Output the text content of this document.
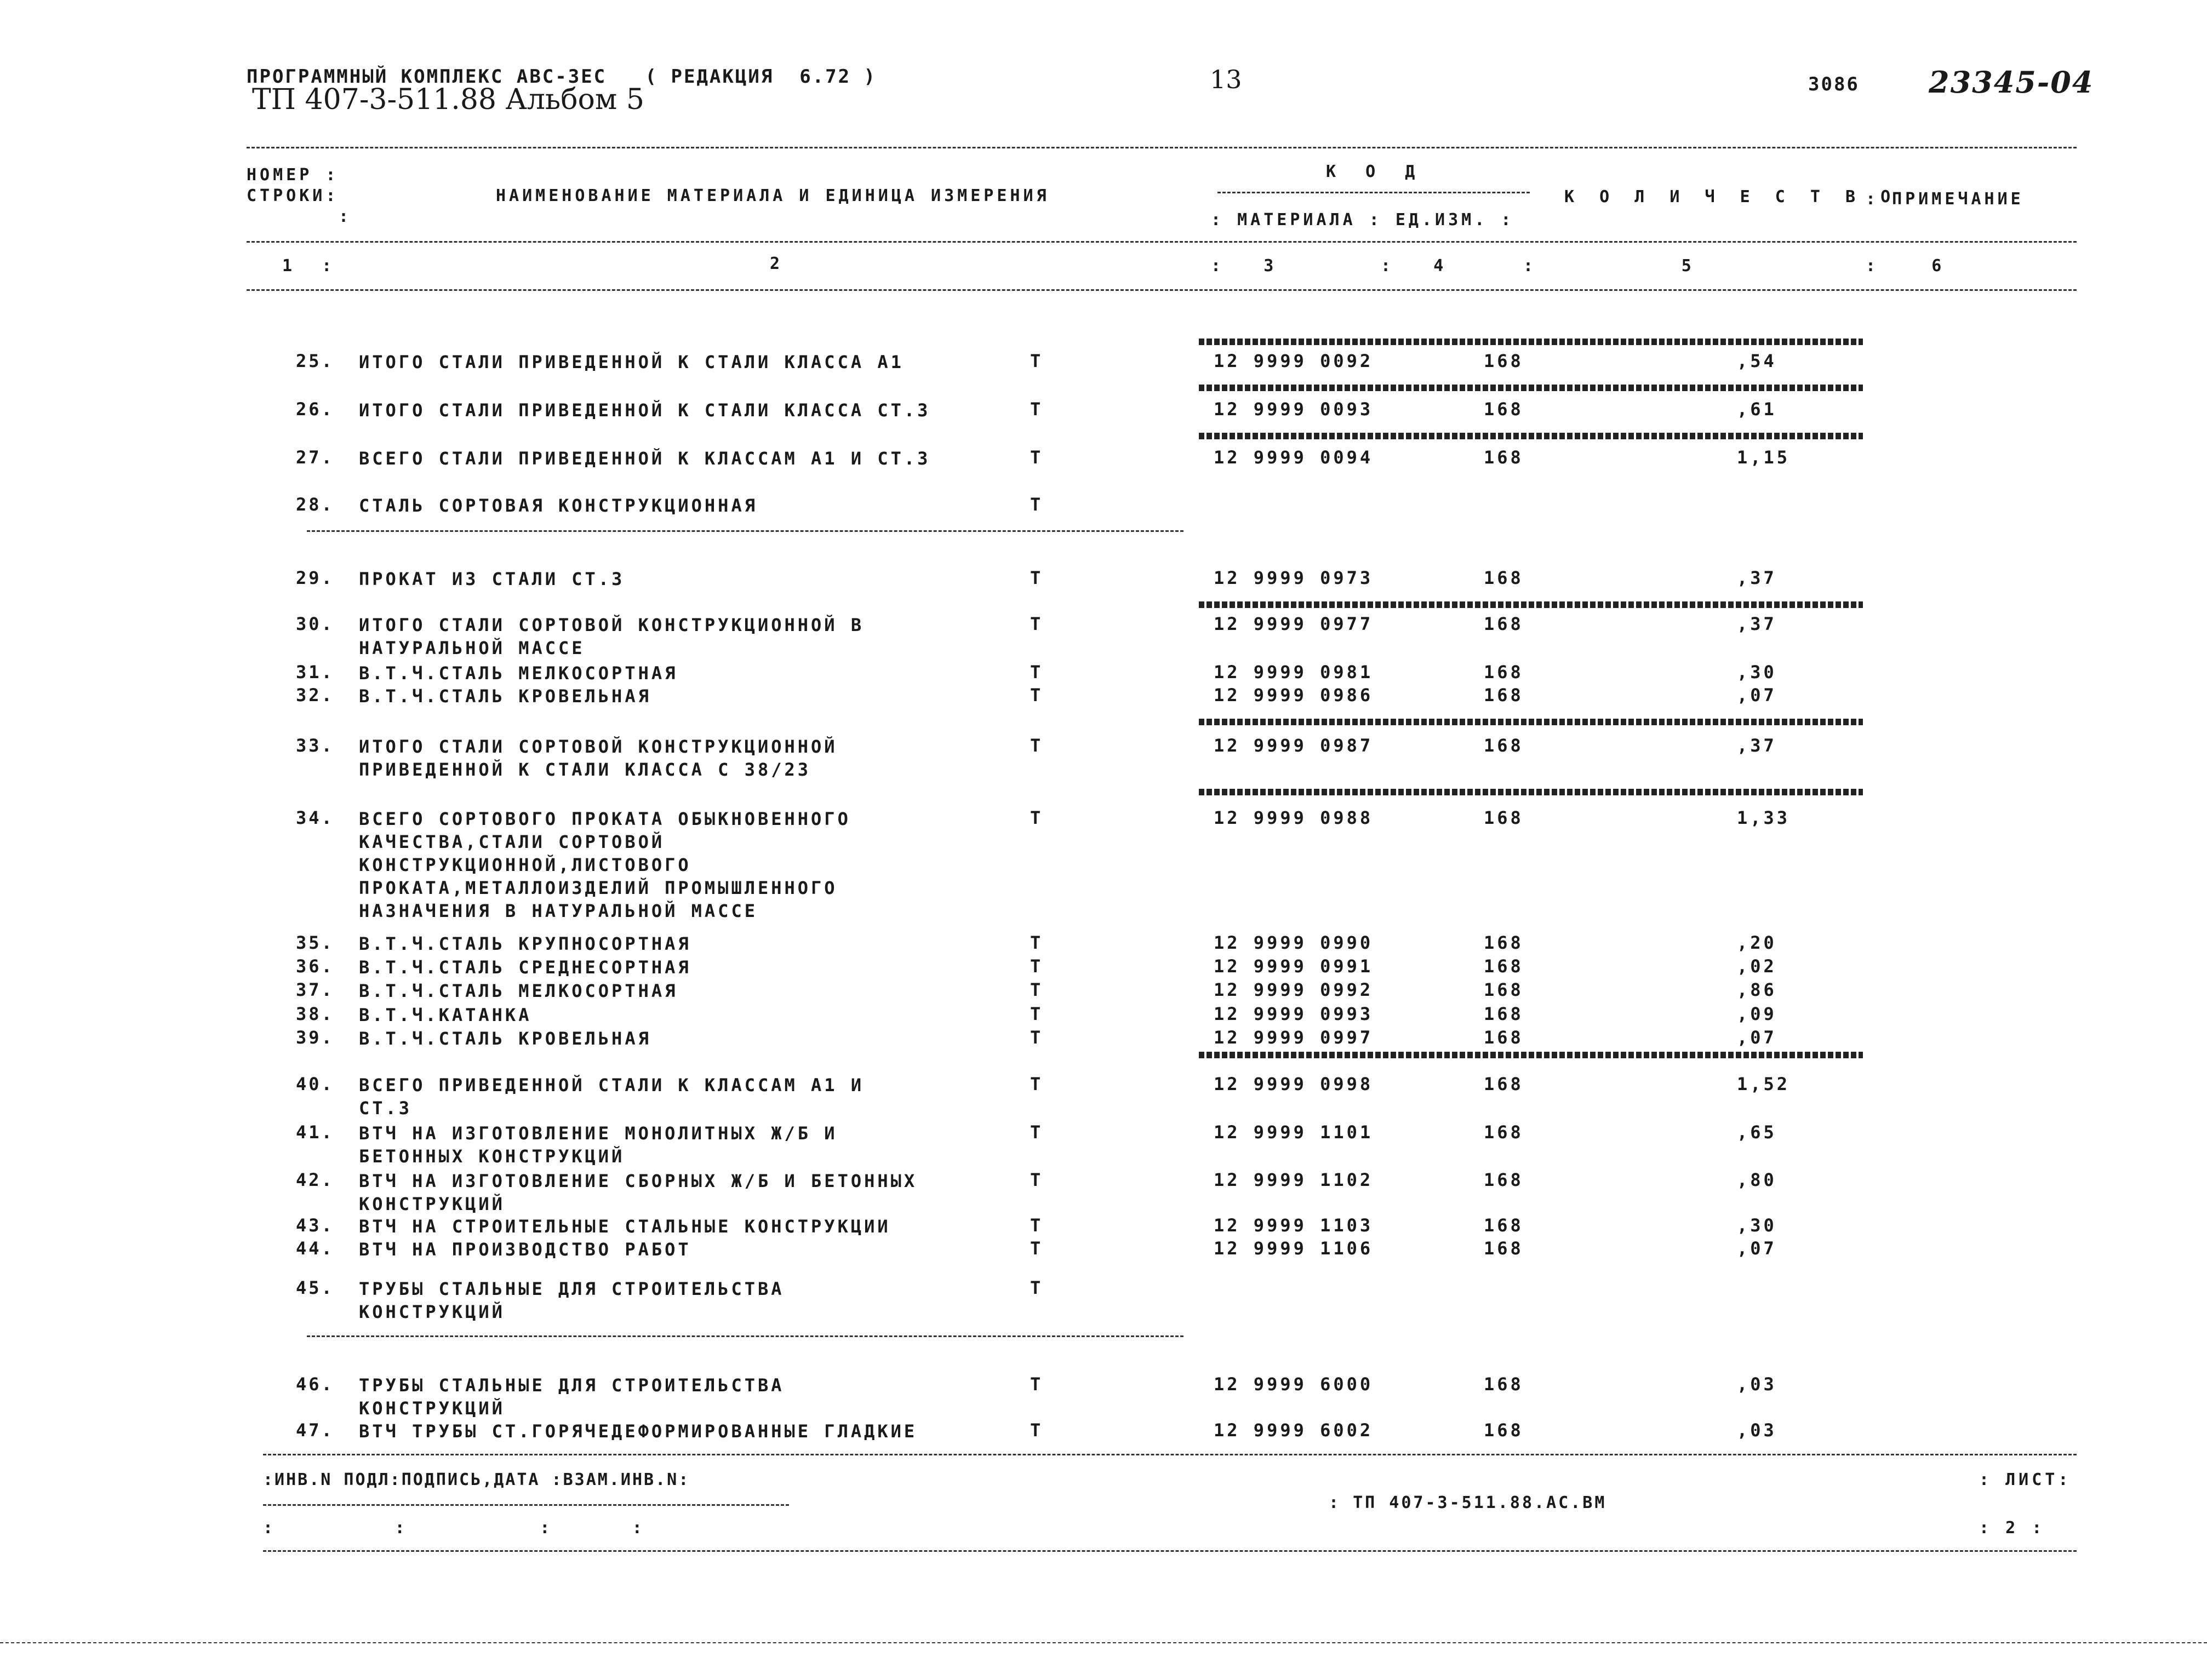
ПРОГРАММНЫЙ КОМПЛЕКС АВС-3ЕС   ( РЕДАКЦИЯ  6.72 )
ТП 407-3-511.88 Альбом 5
13	3086 23345-04
НОМЕР :
СТРОКИ:
:
НАИМЕНОВАНИЕ МАТЕРИАЛА И ЕДИНИЦА ИЗМЕРЕНИЯ
К О Д
: МАТЕРИАЛА : ЕД.ИЗМ. :
К О Л И Ч Е С Т В О
: ПРИМЕЧАНИЕ
1  :	2	:   3	:   4	:           5	:    6
25. ИТОГО СТАЛИ ПРИВЕДЕННОЙ К СТАЛИ КЛАССА А1	Т	12 9999 0092	168	,54
26. ИТОГО СТАЛИ ПРИВЕДЕННОЙ К СТАЛИ КЛАССА СТ.3	Т	12 9999 0093	168	,61
27. ВСЕГО СТАЛИ ПРИВЕДЕННОЙ К КЛАССАМ А1 И СТ.3	Т	12 9999 0094	168	1,15
28. СТАЛЬ СОРТОВАЯ КОНСТРУКЦИОННАЯ	Т
29. ПРОКАТ ИЗ СТАЛИ СТ.3	Т	12 9999 0973	168	,37
30. ИТОГО СТАЛИ СОРТОВОЙ КОНСТРУКЦИОННОЙ В
НАТУРАЛЬНОЙ МАССЕ
Т	12 9999 0977	168	,37
31. В.Т.Ч.СТАЛЬ МЕЛКОСОРТНАЯ	Т	12 9999 0981	168	,30
32. В.Т.Ч.СТАЛЬ КРОВЕЛЬНАЯ	Т	12 9999 0986	168	,07
33. ИТОГО СТАЛИ СОРТОВОЙ КОНСТРУКЦИОННОЙ
ПРИВЕДЕННОЙ К СТАЛИ КЛАССА С 38/23
Т	12 9999 0987	168	,37
34. ВСЕГО СОРТОВОГО ПРОКАТА ОБЫКНОВЕННОГО
КАЧЕСТВА,СТАЛИ СОРТОВОЙ
КОНСТРУКЦИОННОЙ,ЛИСТОВОГО
ПРОКАТА,МЕТАЛЛОИЗДЕЛИЙ ПРОМЫШЛЕННОГО
НАЗНАЧЕНИЯ В НАТУРАЛЬНОЙ МАССЕ
Т	12 9999 0988	168	1,33
35. В.Т.Ч.СТАЛЬ КРУПНОСОРТНАЯ	Т	12 9999 0990	168	,20
36. В.Т.Ч.СТАЛЬ СРЕДНЕСОРТНАЯ	Т	12 9999 0991	168	,02
37. В.Т.Ч.СТАЛЬ МЕЛКОСОРТНАЯ	Т	12 9999 0992	168	,86
38. В.Т.Ч.КАТАНКА	Т	12 9999 0993	168	,09
39. В.Т.Ч.СТАЛЬ КРОВЕЛЬНАЯ	Т	12 9999 0997	168	,07
40. ВСЕГО ПРИВЕДЕННОЙ СТАЛИ К КЛАССАМ А1 И
СТ.3
Т	12 9999 0998	168	1,52
41. ВТЧ НА ИЗГОТОВЛЕНИЕ МОНОЛИТНЫХ Ж/Б И
БЕТОННЫХ КОНСТРУКЦИЙ
Т	12 9999 1101	168	,65
42. ВТЧ НА ИЗГОТОВЛЕНИЕ СБОРНЫХ Ж/Б И БЕТОННЫХ
КОНСТРУКЦИЙ
Т	12 9999 1102	168	,80
43. ВТЧ НА СТРОИТЕЛЬНЫЕ СТАЛЬНЫЕ КОНСТРУКЦИИ	Т	12 9999 1103	168	,30
44. ВТЧ НА ПРОИЗВОДСТВО РАБОТ	Т	12 9999 1106	168	,07
45. ТРУБЫ СТАЛЬНЫЕ ДЛЯ СТРОИТЕЛЬСТВА
КОНСТРУКЦИЙ
Т
46. ТРУБЫ СТАЛЬНЫЕ ДЛЯ СТРОИТЕЛЬСТВА
КОНСТРУКЦИЙ
Т	12 9999 6000	168	,03
47. ВТЧ ТРУБЫ СТ.ГОРЯЧЕДЕФОРМИРОВАННЫЕ ГЛАДКИЕ	Т	12 9999 6002	168	,03
:ИНВ.N ПОДЛ:ПОДПИСЬ,ДАТА :ВЗАМ.ИНВ.N:
:         :          :      :
: ТП 407-3-511.88.АС.ВМ
: ЛИСТ:
: 2 :
